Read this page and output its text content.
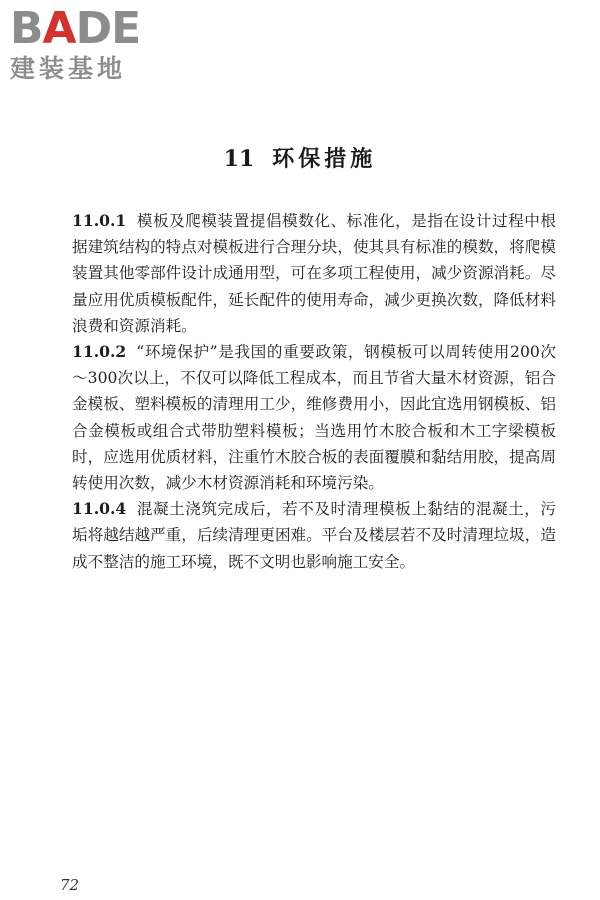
BADE
建装基地
11 环保措施

11.0.1 模板及爬模装置提倡模数化、标准化，是指在设计过程中根据建筑结构的特点对模板进行合理分块，使其具有标准的模数，将爬模装置其他零部件设计成通用型，可在多项工程使用，减少资源消耗。尽量应用优质模板配件，延长配件的使用寿命，减少更换次数，降低材料浪费和资源消耗。

11.0.2 “环境保护”是我国的重要政策，钢模板可以周转使用200次～300次以上，不仅可以降低工程成本，而且节省大量木材资源，铝合金模板、塑料模板的清理用工少，维修费用小，因此宜选用钢模板、铝合金模板或组合式带肋塑料模板；当选用竹木胶合板和木工字梁模板时，应选用优质材料，注重竹木胶合板的表面覆膜和黏结用胶，提高周转使用次数，减少木材资源消耗和环境污染。

11.0.4 混凝土浇筑完成后，若不及时清理模板上黏结的混凝土，污垢将越结越严重，后续清理更困难。平台及楼层若不及时清理垃圾，造成不整洁的施工环境，既不文明也影响施工安全。

72
